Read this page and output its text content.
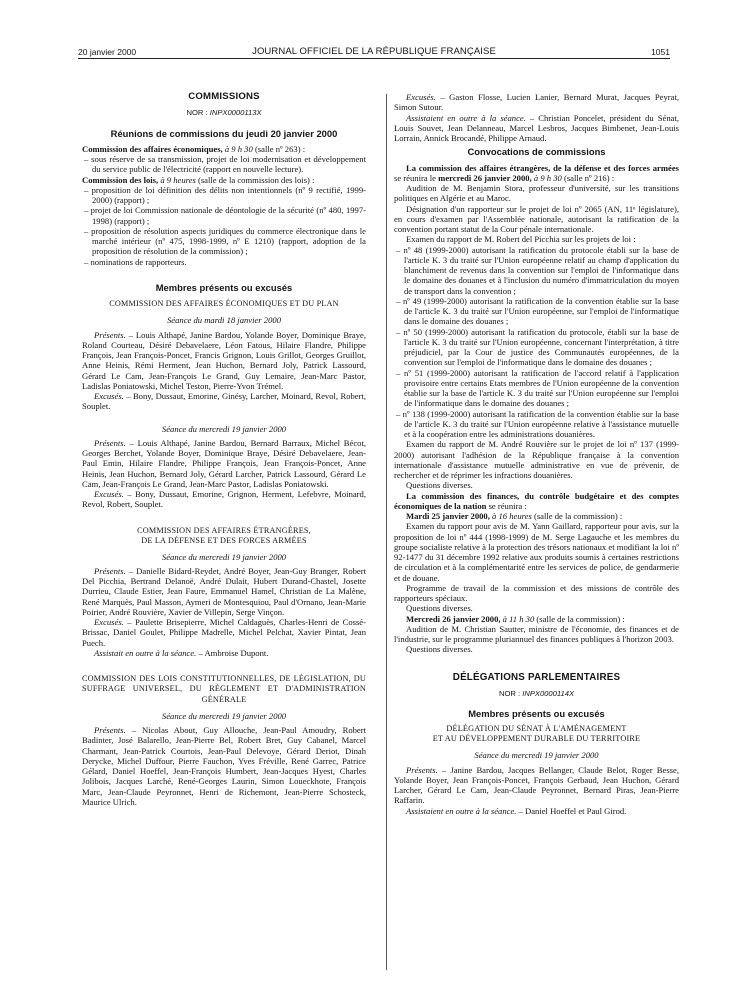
20 janvier 2000	JOURNAL OFFICIEL DE LA RÉPUBLIQUE FRANÇAISE	1051
COMMISSIONS
NOR : INPX0000113X
Réunions de commissions du jeudi 20 janvier 2000

Commission des affaires économiques, à 9 h 30 (salle nº 263) :

– sous réserve de sa transmission, projet de loi modernisation et développement du service public de l'électricité (rapport en nouvelle lecture).

Commission des lois, à 9 heures (salle de la commission des lois) :

– proposition de loi définition des délits non intentionnels (nº 9 rectifié, 1999-2000) (rapport) ;
– projet de loi Commission nationale de déontologie de la sécurité (nº 480, 1997-1998) (rapport) ;
– proposition de résolution aspects juridiques du commerce électronique dans le marché intérieur (nº 475, 1998-1999, nº E 1210) (rapport, adoption de la proposition de résolution de la commission) ;
– nominations de rapporteurs.
Membres présents ou excusés
COMMISSION DES AFFAIRES ÉCONOMIQUES ET DU PLAN
Séance du mardi 18 janvier 2000

Présents. – Louis Althapé, Janine Bardou, Yolande Boyer, Dominique Braye, Roland Courteau, Désiré Debavelaere, Léon Fatous, Hilaire Flandre, Philippe François, Jean François-Poncet, Francis Grignon, Louis Grillot, Georges Gruillot, Anne Heinis, Rémi Herment, Jean Huchon, Bernard Joly, Patrick Lassourd, Gérard Le Cam, Jean-François Le Grand, Guy Lemaire, Jean-Marc Pastor, Ladislas Poniatowski, Michel Teston, Pierre-Yvon Trémel.

Excusés. – Bony, Dussaut, Emorine, Ginésy, Larcher, Moinard, Revol, Robert, Souplet.

Séance du mercredi 19 janvier 2000

Présents. – Louis Althapé, Janine Bardou, Bernard Barraux, Michel Bécot, Georges Berchet, Yolande Boyer, Dominique Braye, Désiré Debavelaere, Jean-Paul Emin, Hilaire Flandre, Philippe François, Jean François-Poncet, Anne Heinis, Jean Huchon, Bernard Joly, Gérard Larcher, Patrick Lassourd, Gérard Le Cam, Jean-François Le Grand, Jean-Marc Pastor, Ladislas Poniatowski.

Excusés. – Bony, Dussaut, Emorine, Grignon, Herment, Lefebvre, Moinard, Revol, Robert, Souplet.

COMMISSION DES AFFAIRES ÉTRANGÈRES,
DE LA DÉFENSE ET DES FORCES ARMÉES
Séance du mercredi 19 janvier 2000

Présents. – Danielle Bidard-Reydet, André Boyer, Jean-Guy Branger, Robert Del Picchia, Bertrand Delanoë, André Dulait, Hubert Durand-Chastel, Josette Durrieu, Claude Estier, Jean Faure, Emmanuel Hamel, Christian de La Malène, René Marquès, Paul Masson, Aymeri de Montesquiou, Paul d'Ornano, Jean-Marie Poirier, André Rouvière, Xavier de Villepin, Serge Vinçon.

Excusés. – Paulette Brisepierre, Michel Caldaguès, Charles-Henri de Cossé-Brissac, Daniel Goulet, Philippe Madrelle, Michel Pelchat, Xavier Pintat, Jean Puech.

Assistait en outre à la séance. – Ambroise Dupont.

COMMISSION DES LOIS CONSTITUTIONNELLES, DE LÉGISLATION, DU SUFFRAGE UNIVERSEL, DU RÈGLEMENT ET D'ADMINISTRATION GÉNÉRALE
Séance du mercredi 19 janvier 2000

Présents. – Nicolas About, Guy Allouche, Jean-Paul Amoudry, Robert Badinter, José Balarello, Jean-Pierre Bel, Robert Bret, Guy Cabanel, Marcel Charmant, Jean-Patrick Courtois, Jean-Paul Delevoye, Gérard Deriot, Dinah Derycke, Michel Duffour, Pierre Fauchon, Yves Fréville, René Garrec, Patrice Gélard, Daniel Hoeffel, Jean-François Humbert, Jean-Jacques Hyest, Charles Jolibois, Jacques Larché, René-Georges Laurin, Simon Loueckhote, François Marc, Jean-Claude Peyronnet, Henri de Richemont, Jean-Pierre Schosteck, Maurice Ulrich.

Excusés. – Gaston Flosse, Lucien Lanier, Bernard Murat, Jacques Peyrat, Simon Sutour.

Assistaient en outre à la séance. – Christian Poncelet, président du Sénat, Louis Souvet, Jean Delanneau, Marcel Lesbros, Jacques Bimbenet, Jean-Louis Lorrain, Annick Brocandé, Philippe Arnaud.

Convocations de commissions

La commission des affaires étrangères, de la défense et des forces armées se réunira le mercredi 26 janvier 2000, à 9 h 30 (salle nº 216) :

Audition de M. Benjamin Stora, professeur d'université, sur les transitions politiques en Algérie et au Maroc.

Désignation d'un rapporteur sur le projet de loi nº 2065 (AN, 11ᵉ législature), en cours d'examen par l'Assemblée nationale, autorisant la ratification de la convention portant statut de la Cour pénale internationale.

Examen du rapport de M. Robert del Picchia sur les projets de loi :

– nº 48 (1999-2000) autorisant la ratification du protocole établi sur la base de l'article K. 3 du traité sur l'Union européenne relatif au champ d'application du blanchiment de revenus dans la convention sur l'emploi de l'informatique dans le domaine des douanes et à l'inclusion du numéro d'immatriculation du moyen de transport dans la convention ;
– nº 49 (1999-2000) autorisant la ratification de la convention établie sur la base de l'article K. 3 du traité sur l'Union européenne, sur l'emploi de l'informatique dans le domaine des douanes ;
– nº 50 (1999-2000) autorisant la ratification du protocole, établi sur la base de l'article K. 3 du traité sur l'Union européenne, concernant l'interprétation, à titre préjudiciel, par la Cour de justice des Communautés européennes, de la convention sur l'emploi de l'informatique dans le domaine des douanes ;
– nº 51 (1999-2000) autorisant la ratification de l'accord relatif à l'application provisoire entre certains Etats membres de l'Union européenne de la convention établie sur la base de l'article K. 3 du traité sur l'Union européenne sur l'emploi de l'informatique dans le domaine des douanes ;
– nº 138 (1999-2000) autorisant la ratification de la convention établie sur la base de l'article K. 3 du traité sur l'Union européenne relative à l'assistance mutuelle et à la coopération entre les administrations douanières.

Examen du rapport de M. André Rouvière sur le projet de loi nº 137 (1999-2000) autorisant l'adhésion de la République française à la convention internationale d'assistance mutuelle administrative en vue de prévenir, de rechercher et de réprimer les infractions douanières.

Questions diverses.

La commission des finances, du contrôle budgétaire et des comptes économiques de la nation se réunira :

Mardi 25 janvier 2000, à 16 heures (salle de la commission) :

Examen du rapport pour avis de M. Yann Gaillard, rapporteur pour avis, sur la proposition de loi nº 444 (1998-1999) de M. Serge Lagauche et les membres du groupe socialiste relative à la protection des trésors nationaux et modifiant la loi nº 92-1477 du 31 décembre 1992 relative aux produits soumis à certaines restrictions de circulation et à la complémentarité entre les services de police, de gendarmerie et de douane.

Programme de travail de la commission et des missions de contrôle des rapporteurs spéciaux.

Questions diverses.

Mercredi 26 janvier 2000, à 11 h 30 (salle de la commission) :

Audition de M. Christian Sautter, ministre de l'économie, des finances et de l'industrie, sur le programme pluriannuel des finances publiques à l'horizon 2003.

Questions diverses.

DÉLÉGATIONS PARLEMENTAIRES
NOR : INPX0000114X
Membres présents ou excusés
DÉLÉGATION DU SÉNAT À L'AMÉNAGEMENT
ET AU DÉVELOPPEMENT DURABLE DU TERRITOIRE
Séance du mercredi 19 janvier 2000

Présents. – Janine Bardou, Jacques Bellanger, Claude Belot, Roger Besse, Yolande Boyer, Jean François-Poncet, François Gerbaud, Jean Huchon, Gérard Larcher, Gérard Le Cam, Jean-Claude Peyronnet, Bernard Piras, Jean-Pierre Raffarin.

Assistaient en outre à la séance. – Daniel Hoeffel et Paul Girod.
